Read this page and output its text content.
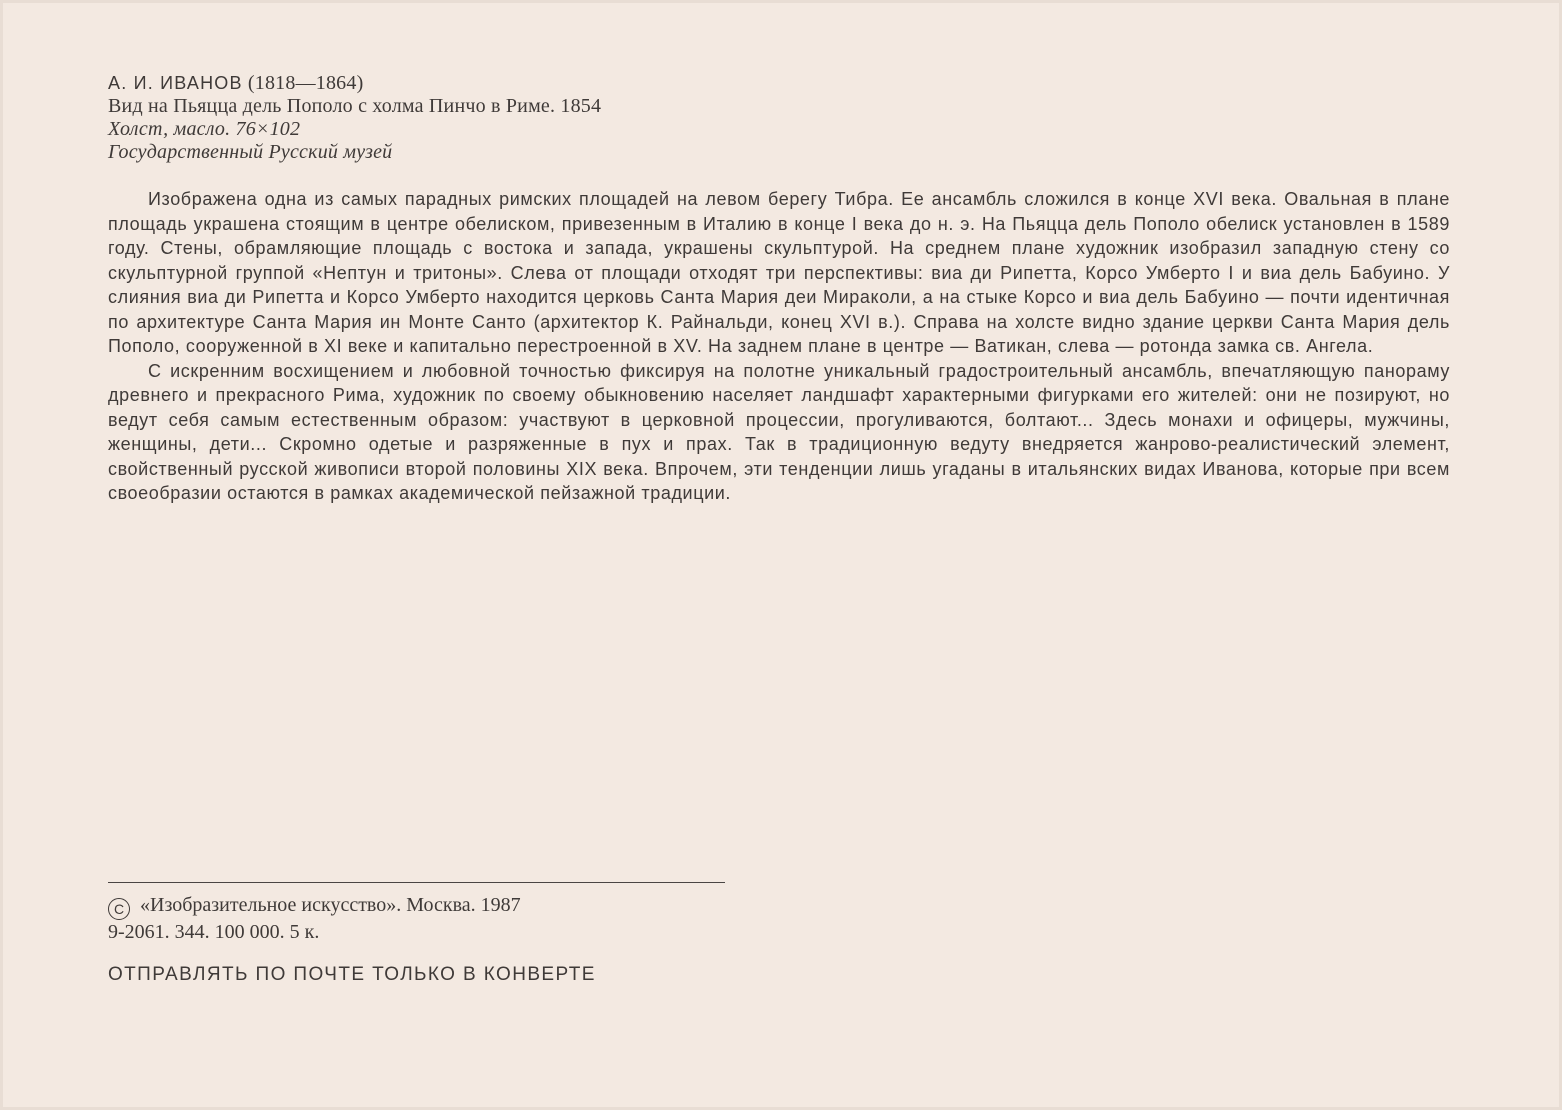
А. И. ИВАНОВ (1818—1864)
Вид на Пьяцца дель Пополо с холма Пинчо в Риме. 1854
Холст, масло. 76×102
Государственный Русский музей

Изображена одна из самых парадных римских площадей на левом берегу Тибра. Ее ансамбль сложился в конце XVI века. Овальная в плане площадь украшена стоящим в центре обелиском, привезенным в Италию в конце I века до н. э. На Пьяцца дель Пополо обелиск установлен в 1589 году. Стены, обрамляющие площадь с востока и запада, украшены скульптурой. На среднем плане художник изобразил западную стену со скульптурной группой «Нептун и тритоны». Слева от площади отходят три перспективы: виа ди Рипетта, Корсо Умберто I и виа дель Бабуино. У слияния виа ди Рипетта и Корсо Умберто находится церковь Санта Мария деи Мираколи, а на стыке Корсо и виа дель Бабуино — почти идентичная по архитектуре Санта Мария ин Монте Санто (архитектор К. Райнальди, конец XVI в.). Справа на холсте видно здание церкви Санта Мария дель Пополо, сооруженной в XI веке и капитально перестроенной в XV. На заднем плане в центре — Ватикан, слева — ротонда замка св. Ангела.

С искренним восхищением и любовной точностью фиксируя на полотне уникальный градостроительный ансамбль, впечатляющую панораму древнего и прекрасного Рима, художник по своему обыкновению населяет ландшафт характерными фигурками его жителей: они не позируют, но ведут себя самым естественным образом: участвуют в церковной процессии, прогуливаются, болтают... Здесь монахи и офицеры, мужчины, женщины, дети... Скромно одетые и разряженные в пух и прах. Так в традиционную ведуту внедряется жанрово-реалистический элемент, свойственный русской живописи второй половины XIX века. Впрочем, эти тенденции лишь угаданы в итальянских видах Иванова, которые при всем своеобразии остаются в рамках академической пейзажной традиции.

C «Изобразительное искусство». Москва. 1987
9-2061. 344. 100 000. 5 к.
ОТПРАВЛЯТЬ ПО ПОЧТЕ ТОЛЬКО В КОНВЕРТЕ
